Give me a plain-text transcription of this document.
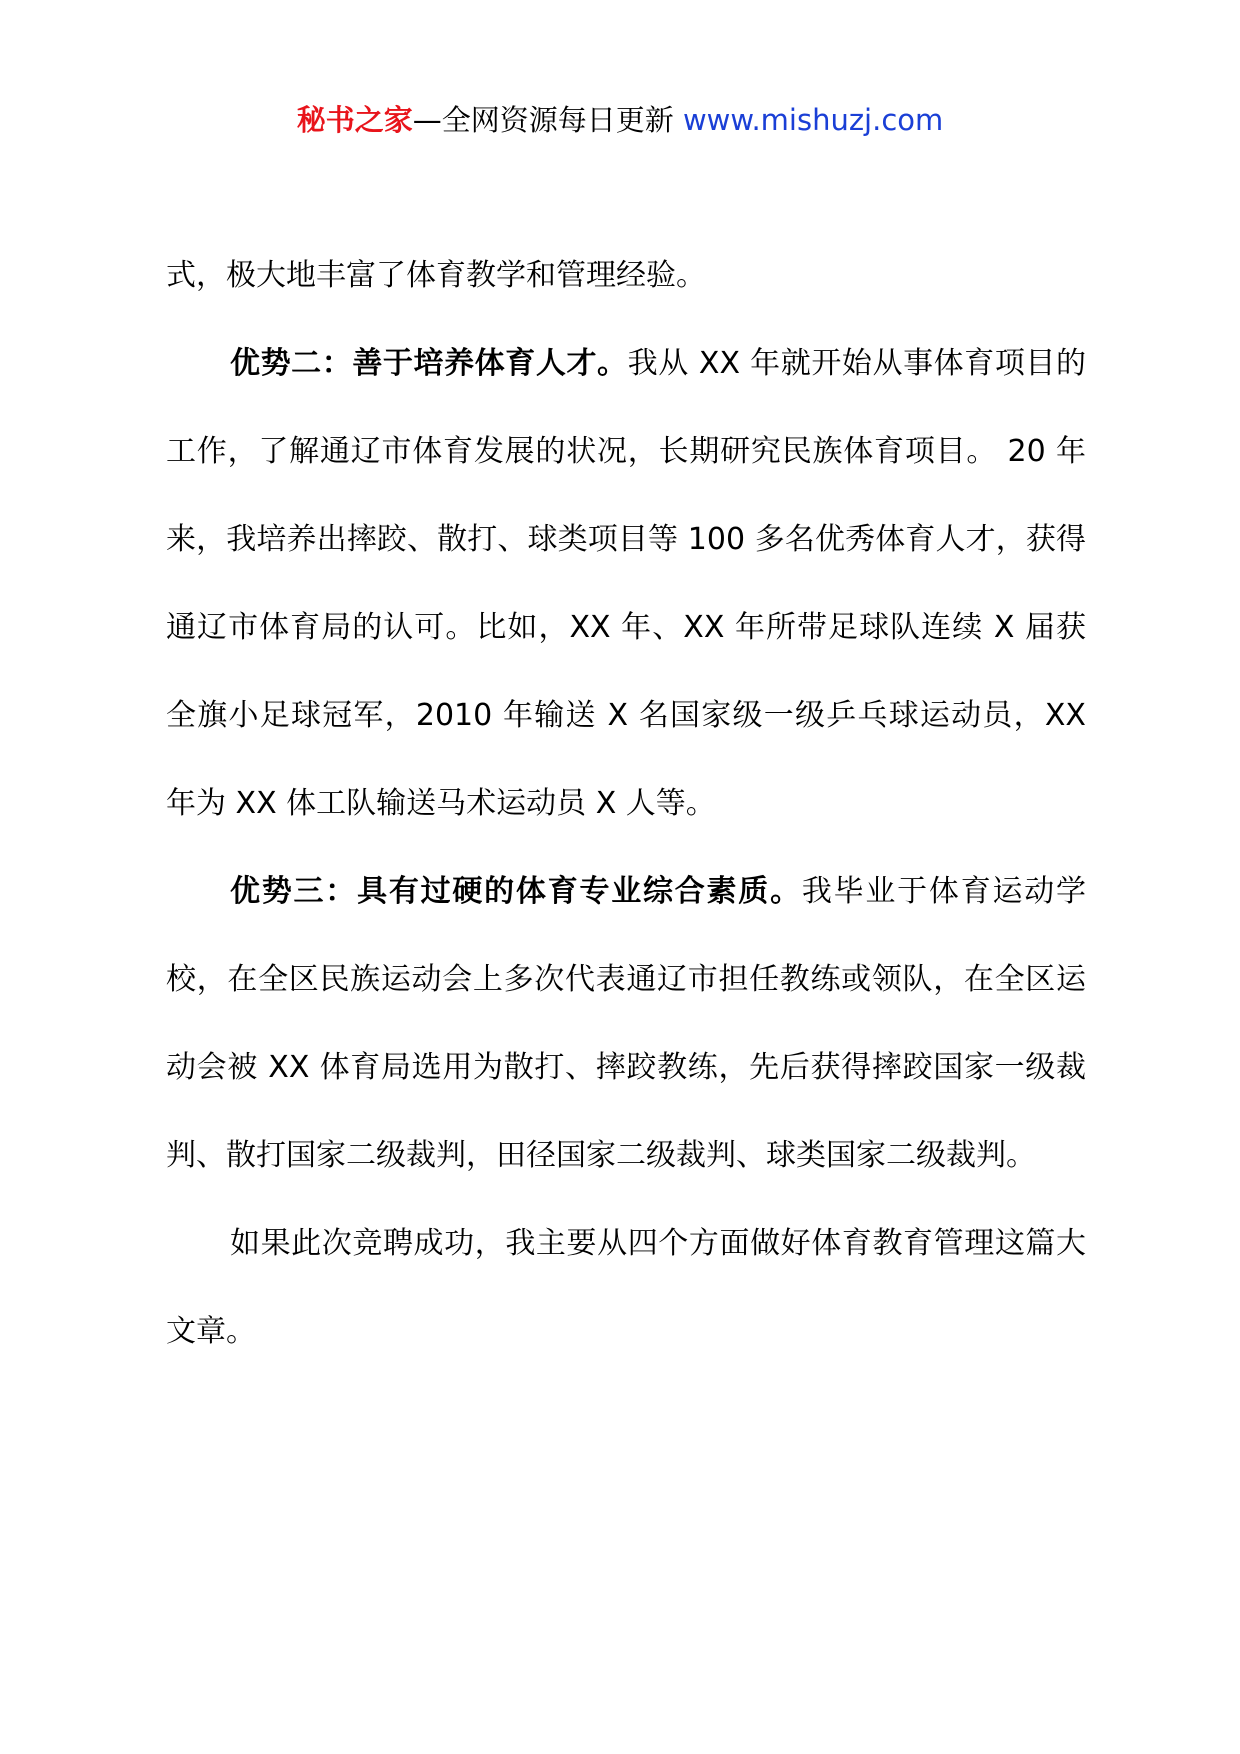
秘书之家—全网资源每日更新 www.mishuzj.com

式，极大地丰富了体育教学和管理经验。

优势二：善于培养体育人才。我从 XX 年就开始从事体育项目的工作，了解通辽市体育发展的状况，长期研究民族体育项目。 20 年来，我培养出摔跤、散打、球类项目等 100 多名优秀体育人才，获得通辽市体育局的认可。比如，XX 年、XX 年所带足球队连续 X 届获全旗小足球冠军，2010 年输送 X 名国家级一级乒乓球运动员，XX 年为 XX 体工队输送马术运动员 X 人等。

优势三：具有过硬的体育专业综合素质。我毕业于体育运动学校，在全区民族运动会上多次代表通辽市担任教练或领队，在全区运动会被 XX 体育局选用为散打、摔跤教练，先后获得摔跤国家一级裁判、散打国家二级裁判，田径国家二级裁判、球类国家二级裁判。

如果此次竞聘成功，我主要从四个方面做好体育教育管理这篇大文章。
